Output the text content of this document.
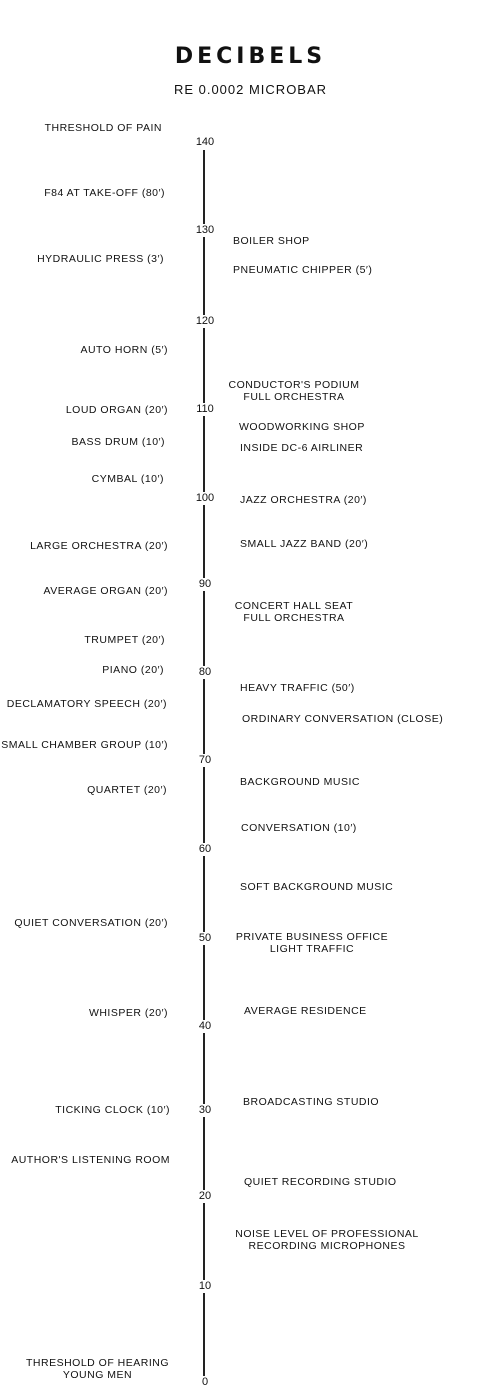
DECIBELS
RE 0.0002 MICROBAR
140
130
120
110
100
90
80
70
60
50
40
30
20
10
0
THRESHOLD OF PAIN
F84 AT TAKE-OFF (80′)
HYDRAULIC PRESS (3′)
AUTO HORN (5′)
LOUD ORGAN (20′)
BASS DRUM (10′)
CYMBAL (10′)
LARGE ORCHESTRA (20′)
AVERAGE ORGAN (20′)
TRUMPET (20′)
PIANO (20′)
DECLAMATORY SPEECH (20′)
SMALL CHAMBER GROUP (10′)
QUARTET (20′)
QUIET CONVERSATION (20′)
WHISPER (20′)
TICKING CLOCK (10′)
AUTHOR'S LISTENING ROOM
THRESHOLD OF HEARING
YOUNG MEN
BOILER SHOP
PNEUMATIC CHIPPER (5′)
CONDUCTOR'S PODIUM
FULL ORCHESTRA
WOODWORKING SHOP
INSIDE DC-6 AIRLINER
JAZZ ORCHESTRA (20′)
SMALL JAZZ BAND (20′)
CONCERT HALL SEAT
FULL ORCHESTRA
HEAVY TRAFFIC (50′)
ORDINARY CONVERSATION (CLOSE)
BACKGROUND MUSIC
CONVERSATION (10′)
SOFT BACKGROUND MUSIC
PRIVATE BUSINESS OFFICE
LIGHT TRAFFIC
AVERAGE RESIDENCE
BROADCASTING STUDIO
QUIET RECORDING STUDIO
NOISE LEVEL OF PROFESSIONAL
RECORDING MICROPHONES
